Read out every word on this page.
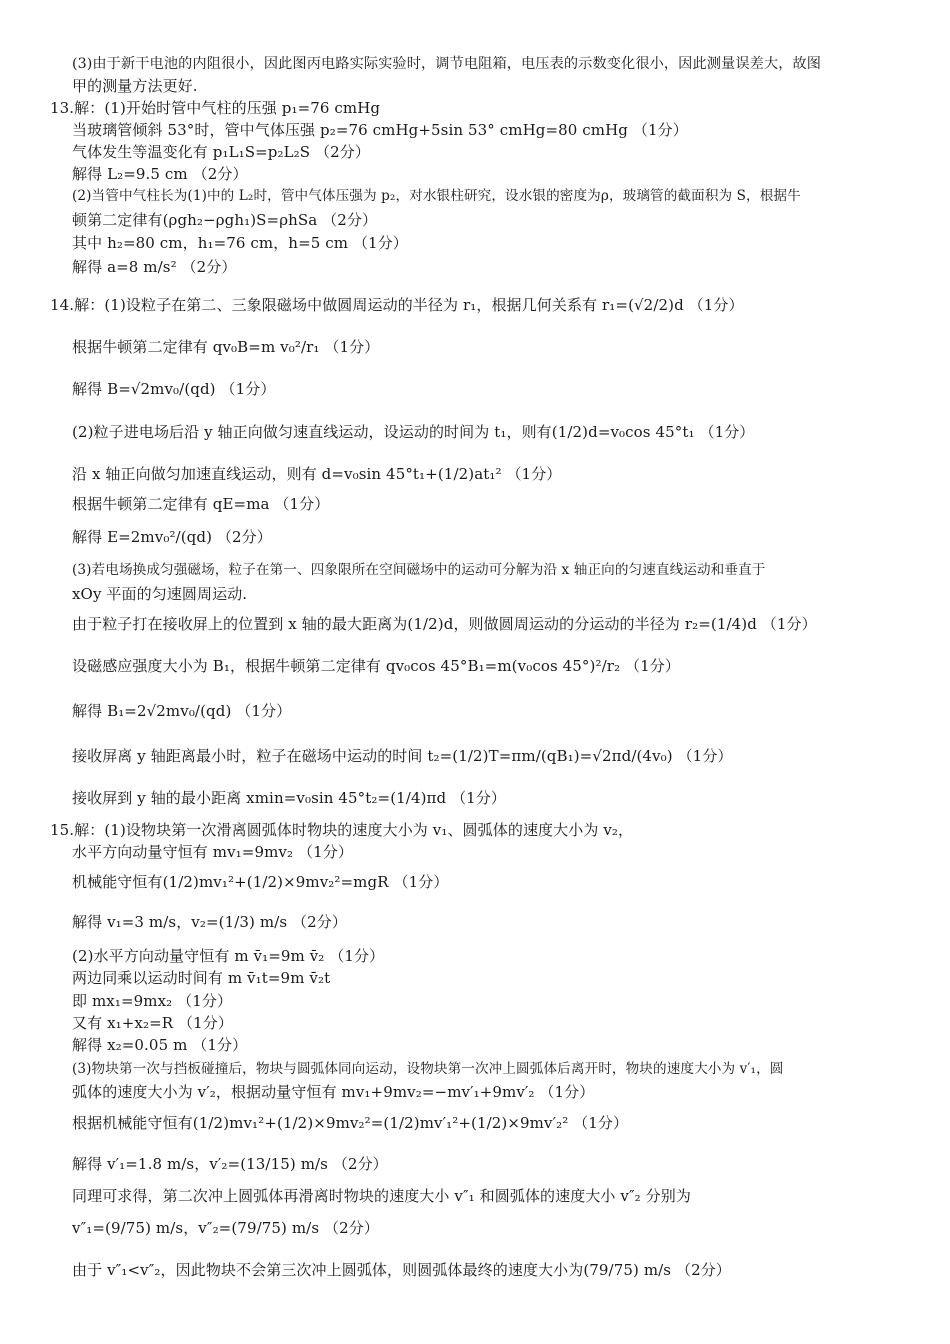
(3)由于新干电池的内阻很小，因此图丙电路实际实验时，调节电阻箱，电压表的示数变化很小，因此测量误差大，故图
甲的测量方法更好.
13.解：(1)开始时管中气柱的压强 p₁=76 cmHg
当玻璃管倾斜 53°时，管中气体压强 p₂=76 cmHg+5sin 53° cmHg=80 cmHg （1分）
气体发生等温变化有 p₁L₁S=p₂L₂S （2分）
解得 L₂=9.5 cm （2分）
(2)当管中气柱长为(1)中的 L₂时，管中气体压强为 p₂，对水银柱研究，设水银的密度为ρ，玻璃管的截面积为 S，根据牛
顿第二定律有(ρgh₂−ρgh₁)S=ρhSa （2分）
其中 h₂=80 cm，h₁=76 cm，h=5 cm （1分）
解得 a=8 m/s² （2分）
14.解：(1)设粒子在第二、三象限磁场中做圆周运动的半径为 r₁，根据几何关系有 r₁=(√2/2)d （1分）
根据牛顿第二定律有 qv₀B=m v₀²/r₁ （1分）
解得 B=√2mv₀/(qd) （1分）
(2)粒子进电场后沿 y 轴正向做匀速直线运动，设运动的时间为 t₁，则有(1/2)d=v₀cos 45°t₁ （1分）
沿 x 轴正向做匀加速直线运动，则有 d=v₀sin 45°t₁+(1/2)at₁² （1分）
根据牛顿第二定律有 qE=ma （1分）
解得 E=2mv₀²/(qd) （2分）
(3)若电场换成匀强磁场，粒子在第一、四象限所在空间磁场中的运动可分解为沿 x 轴正向的匀速直线运动和垂直于
xOy 平面的匀速圆周运动.
由于粒子打在接收屏上的位置到 x 轴的最大距离为(1/2)d，则做圆周运动的分运动的半径为 r₂=(1/4)d （1分）
设磁感应强度大小为 B₁，根据牛顿第二定律有 qv₀cos 45°B₁=m(v₀cos 45°)²/r₂ （1分）
解得 B₁=2√2mv₀/(qd) （1分）
接收屏离 y 轴距离最小时，粒子在磁场中运动的时间 t₂=(1/2)T=πm/(qB₁)=√2πd/(4v₀) （1分）
接收屏到 y 轴的最小距离 xmin=v₀sin 45°t₂=(1/4)πd （1分）
15.解：(1)设物块第一次滑离圆弧体时物块的速度大小为 v₁、圆弧体的速度大小为 v₂，
水平方向动量守恒有 mv₁=9mv₂ （1分）
机械能守恒有(1/2)mv₁²+(1/2)×9mv₂²=mgR （1分）
解得 v₁=3 m/s，v₂=(1/3) m/s （2分）
(2)水平方向动量守恒有 m v̄₁=9m v̄₂ （1分）
两边同乘以运动时间有 m v̄₁t=9m v̄₂t
即 mx₁=9mx₂ （1分）
又有 x₁+x₂=R （1分）
解得 x₂=0.05 m （1分）
(3)物块第一次与挡板碰撞后，物块与圆弧体同向运动，设物块第一次冲上圆弧体后离开时，物块的速度大小为 v′₁，圆
弧体的速度大小为 v′₂，根据动量守恒有 mv₁+9mv₂=−mv′₁+9mv′₂ （1分）
根据机械能守恒有(1/2)mv₁²+(1/2)×9mv₂²=(1/2)mv′₁²+(1/2)×9mv′₂² （1分）
解得 v′₁=1.8 m/s，v′₂=(13/15) m/s （2分）
同理可求得，第二次冲上圆弧体再滑离时物块的速度大小 v″₁ 和圆弧体的速度大小 v″₂ 分别为
v″₁=(9/75) m/s，v″₂=(79/75) m/s （2分）
由于 v″₁<v″₂，因此物块不会第三次冲上圆弧体，则圆弧体最终的速度大小为(79/75) m/s （2分）
